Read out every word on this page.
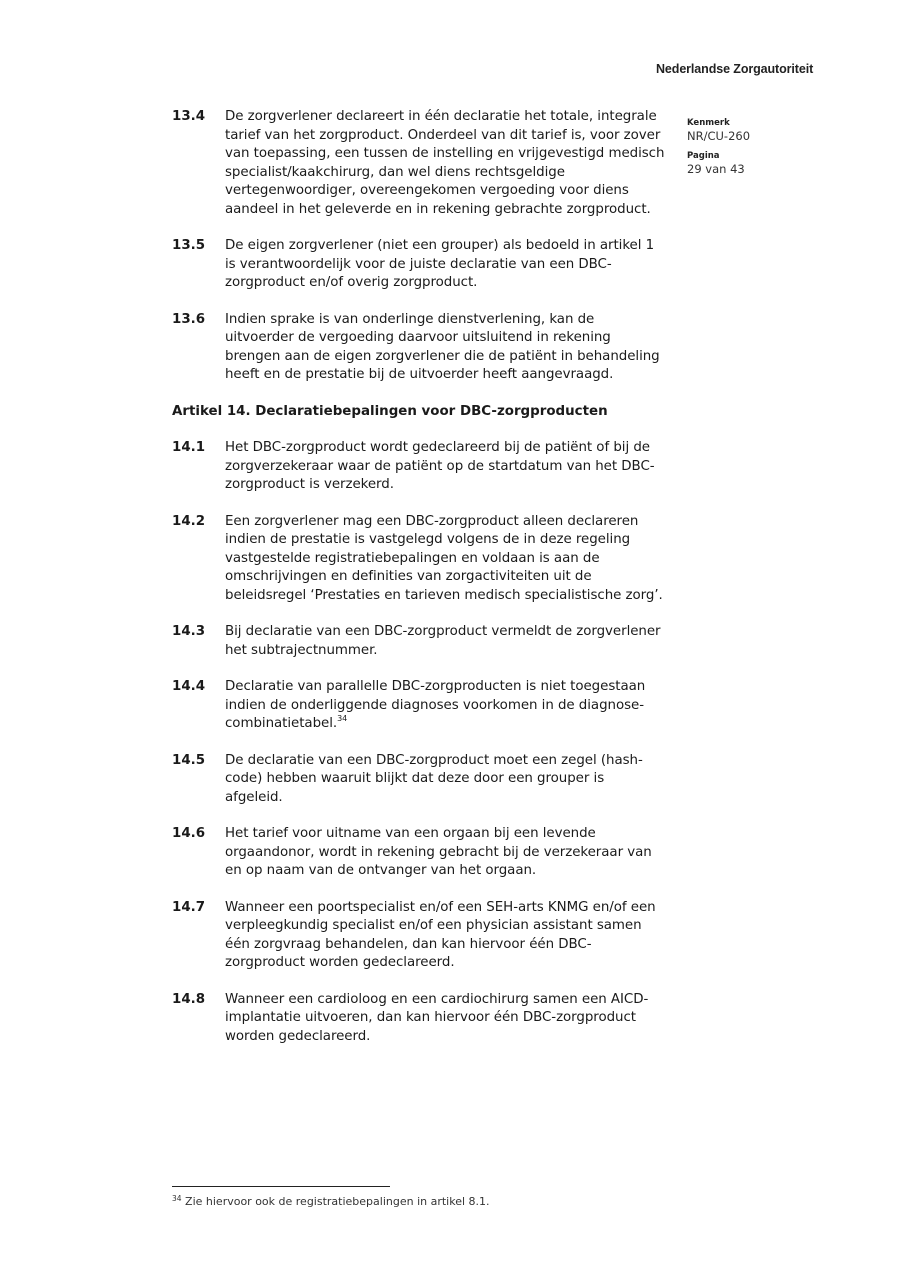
Nederlandse Zorgautoriteit
Kenmerk
NR/CU-260
Pagina
29 van 43
13.4	De zorgverlener declareert in één declaratie het totale, integrale
tarief van het zorgproduct. Onderdeel van dit tarief is, voor zover
van toepassing, een tussen de instelling en vrijgevestigd medisch
specialist/kaakchirurg, dan wel diens rechtsgeldige
vertegenwoordiger, overeengekomen vergoeding voor diens
aandeel in het geleverde en in rekening gebrachte zorgproduct.
13.5	De eigen zorgverlener (niet een grouper) als bedoeld in artikel 1
is verantwoordelijk voor de juiste declaratie van een DBC-
zorgproduct en/of overig zorgproduct.
13.6	Indien sprake is van onderlinge dienstverlening, kan de
uitvoerder de vergoeding daarvoor uitsluitend in rekening
brengen aan de eigen zorgverlener die de patiënt in behandeling
heeft en de prestatie bij de uitvoerder heeft aangevraagd.
Artikel 14. Declaratiebepalingen voor DBC-zorgproducten
14.1	Het DBC-zorgproduct wordt gedeclareerd bij de patiënt of bij de
zorgverzekeraar waar de patiënt op de startdatum van het DBC-
zorgproduct is verzekerd.
14.2	Een zorgverlener mag een DBC-zorgproduct alleen declareren
indien de prestatie is vastgelegd volgens de in deze regeling
vastgestelde registratiebepalingen en voldaan is aan de
omschrijvingen en definities van zorgactiviteiten uit de
beleidsregel ‘Prestaties en tarieven medisch specialistische zorg’.
14.3	Bij declaratie van een DBC-zorgproduct vermeldt de zorgverlener
het subtrajectnummer.
14.4	Declaratie van parallelle DBC-zorgproducten is niet toegestaan
indien de onderliggende diagnoses voorkomen in de diagnose-
combinatietabel.$^{34}$
14.5	De declaratie van een DBC-zorgproduct moet een zegel (hash-
code) hebben waaruit blijkt dat deze door een grouper is
afgeleid.
14.6	Het tarief voor uitname van een orgaan bij een levende
orgaandonor, wordt in rekening gebracht bij de verzekeraar van
en op naam van de ontvanger van het orgaan.
14.7	Wanneer een poortspecialist en/of een SEH-arts KNMG en/of een
verpleegkundig specialist en/of een physician assistant samen
één zorgvraag behandelen, dan kan hiervoor één DBC-
zorgproduct worden gedeclareerd.
14.8	Wanneer een cardioloog en een cardiochirurg samen een AICD-
implantatie uitvoeren, dan kan hiervoor één DBC-zorgproduct
worden gedeclareerd.
$^{34}$ Zie hiervoor ook de registratiebepalingen in artikel 8.1.
